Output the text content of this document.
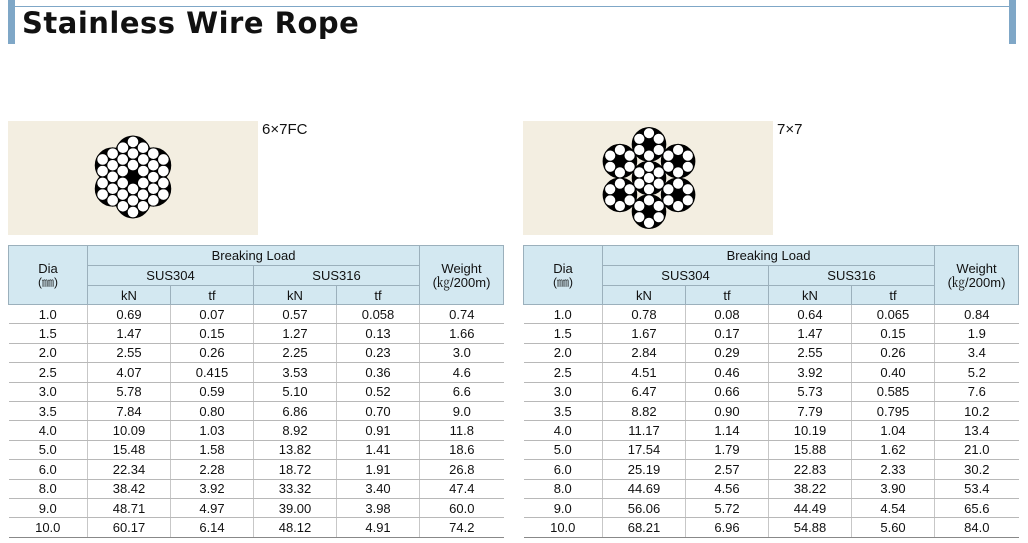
Stainless Wire Rope
6×7FC
Dia
(㎜)	Breaking Load				Weight
(㎏/200m)

	SUS304		SUS316		
	kN	tf	kN	tf	
1.0	0.69	0.07	0.57	0.058	0.74
1.5	1.47	0.15	1.27	0.13	1.66
2.0	2.55	0.26	2.25	0.23	3.0
2.5	4.07	0.415	3.53	0.36	4.6
3.0	5.78	0.59	5.10	0.52	6.6
3.5	7.84	0.80	6.86	0.70	9.0
4.0	10.09	1.03	8.92	0.91	11.8
5.0	15.48	1.58	13.82	1.41	18.6
6.0	22.34	2.28	18.72	1.91	26.8
8.0	38.42	3.92	33.32	3.40	47.4
9.0	48.71	4.97	39.00	3.98	60.0
10.0	60.17	6.14	48.12	4.91	74.2
7×7
Dia
(㎜)	Breaking Load				Weight
(㎏/200m)

	SUS304		SUS316		
	kN	tf	kN	tf	
1.0	0.78	0.08	0.64	0.065	0.84
1.5	1.67	0.17	1.47	0.15	1.9
2.0	2.84	0.29	2.55	0.26	3.4
2.5	4.51	0.46	3.92	0.40	5.2
3.0	6.47	0.66	5.73	0.585	7.6
3.5	8.82	0.90	7.79	0.795	10.2
4.0	11.17	1.14	10.19	1.04	13.4
5.0	17.54	1.79	15.88	1.62	21.0
6.0	25.19	2.57	22.83	2.33	30.2
8.0	44.69	4.56	38.22	3.90	53.4
9.0	56.06	5.72	44.49	4.54	65.6
10.0	68.21	6.96	54.88	5.60	84.0
